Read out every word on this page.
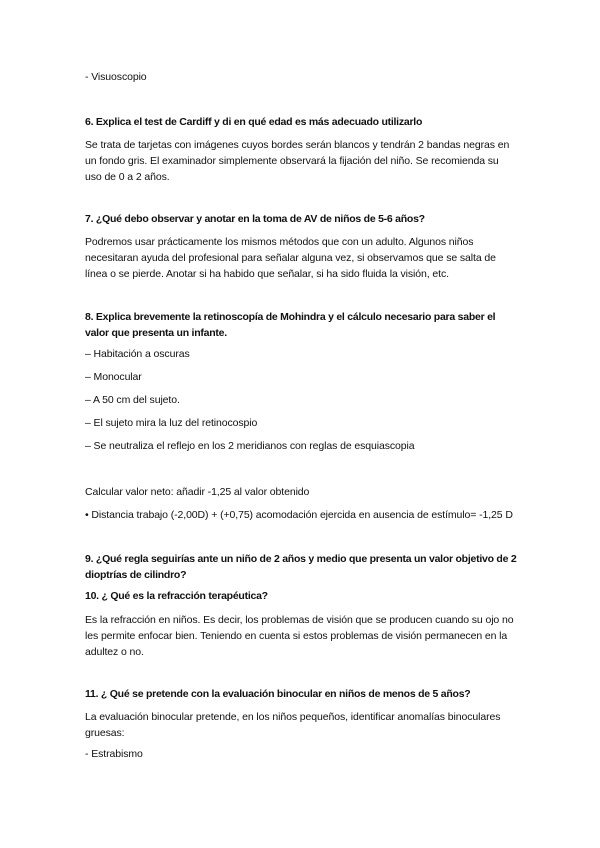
- Visuoscopio

6. Explica el test de Cardiff y di en qué edad es más adecuado utilizarlo

Se trata de tarjetas con imágenes cuyos bordes serán blancos y tendrán 2 bandas negras en un fondo gris. El examinador simplemente observará la fijación del niño. Se recomienda su uso de 0 a 2 años.

7. ¿Qué debo observar y anotar en la toma de AV de niños de 5-6 años?

Podremos usar prácticamente los mismos métodos que con un adulto. Algunos niños necesitaran ayuda del profesional para señalar alguna vez, si observamos que se salta de línea o se pierde. Anotar si ha habido que señalar, si ha sido fluida la visión, etc.

8. Explica brevemente la retinoscopía de Mohindra y el cálculo necesario para saber el valor que presenta un infante.

– Habitación a oscuras

– Monocular

– A 50 cm del sujeto.

– El sujeto mira la luz del retinocospio

– Se neutraliza el reflejo en los 2 meridianos con reglas de esquiascopia

Calcular valor neto: añadir -1,25 al valor obtenido

• Distancia trabajo (-2,00D) + (+0,75) acomodación ejercida en ausencia de estímulo= -1,25 D

9. ¿Qué regla seguirías ante un niño de 2 años y medio que presenta un valor objetivo de 2 dioptrías de cilindro?

10. ¿ Qué es la refracción terapéutica?

Es la refracción en niños. Es decir, los problemas de visión que se producen cuando su ojo no les permite enfocar bien. Teniendo en cuenta si estos problemas de visión permanecen en la adultez o no.

11. ¿ Qué se pretende con la evaluación binocular en niños de menos de 5 años?

La evaluación binocular pretende, en los niños pequeños, identificar anomalías binoculares gruesas:

- Estrabismo
